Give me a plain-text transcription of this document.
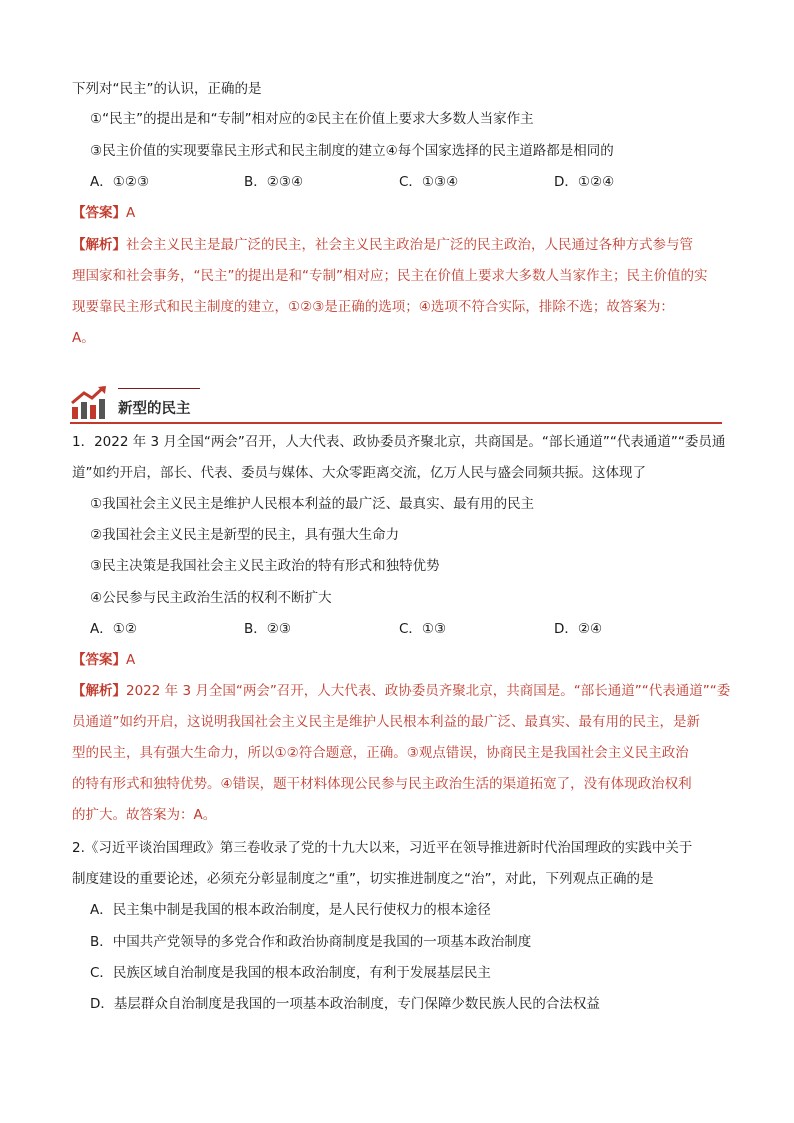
下列对“民主”的认识，正确的是
①“民主”的提出是和“专制”相对应的②民主在价值上要求大多数人当家作主
③民主价值的实现要靠民主形式和民主制度的建立④每个国家选择的民主道路都是相同的
A．①②③	B．②③④	C．①③④	D．①②④
【答案】A
【解析】社会主义民主是最广泛的民主，社会主义民主政治是广泛的民主政治，人民通过各种方式参与管
理国家和社会事务，“民主”的提出是和“专制”相对应；民主在价值上要求大多数人当家作主；民主价值的实
现要靠民主形式和民主制度的建立，①②③是正确的选项；④选项不符合实际，排除不选；故答案为：
A。
新型的民主
1．2022 年 3 月全国“两会”召开，人大代表、政协委员齐聚北京，共商国是。“部长通道”“代表通道”“委员通
道”如约开启，部长、代表、委员与媒体、大众零距离交流，亿万人民与盛会同频共振。这体现了
①我国社会主义民主是维护人民根本利益的最广泛、最真实、最有用的民主
②我国社会主义民主是新型的民主，具有强大生命力
③民主决策是我国社会主义民主政治的特有形式和独特优势
④公民参与民主政治生活的权利不断扩大
A．①②	B．②③	C．①③	D．②④
【答案】A
【解析】2022 年 3 月全国“两会”召开，人大代表、政协委员齐聚北京，共商国是。“部长通道”“代表通道”“委
员通道”如约开启，这说明我国社会主义民主是维护人民根本利益的最广泛、最真实、最有用的民主，是新
型的民主，具有强大生命力，所以①②符合题意，正确。③观点错误，协商民主是我国社会主义民主政治
的特有形式和独特优势。④错误，题干材料体现公民参与民主政治生活的渠道拓宽了，没有体现政治权利
的扩大。故答案为：A。
2.《习近平谈治国理政》第三卷收录了党的十九大以来，习近平在领导推进新时代治国理政的实践中关于
制度建设的重要论述，必须充分彰显制度之“重”，切实推进制度之“治”，对此，下列观点正确的是
A．民主集中制是我国的根本政治制度，是人民行使权力的根本途径
B．中国共产党领导的多党合作和政治协商制度是我国的一项基本政治制度
C．民族区域自治制度是我国的根本政治制度，有利于发展基层民主
D．基层群众自治制度是我国的一项基本政治制度，专门保障少数民族人民的合法权益
